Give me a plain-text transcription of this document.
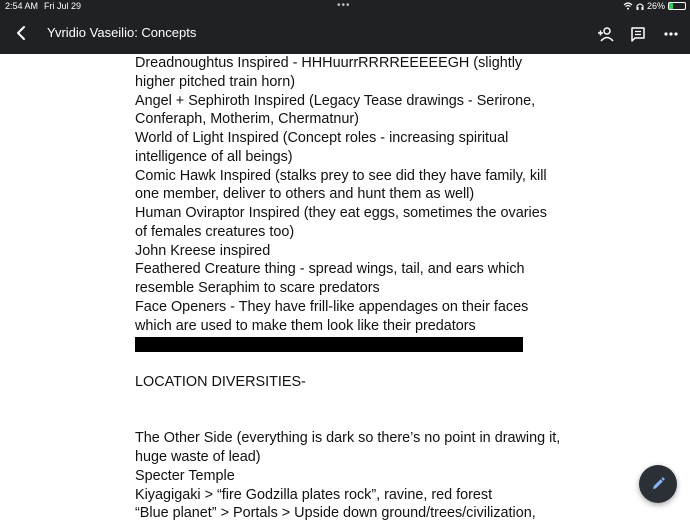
2:54 AM Fri Jul 29	•••	26%
Yvridio Vaseilio: Concepts
Dreadnoughtus Inspired - HHHuurrRRRREEEEEGH (slightly
higher pitched train horn)
Angel + Sephiroth Inspired (Legacy Tease drawings - Serirone,
Conferaph, Motherim, Chermatnur)
World of Light Inspired (Concept roles - increasing spiritual
intelligence of all beings)
Comic Hawk Inspired (stalks prey to see did they have family, kill
one member, deliver to others and hunt them as well)
Human Oviraptor Inspired (they eat eggs, sometimes the ovaries
of females creatures too)
John Kreese inspired
Feathered Creature thing - spread wings, tail, and ears which
resemble Seraphim to scare predators
Face Openers - They have frill-like appendages on their faces
which are used to make them look like their predators
LOCATION DIVERSITIES-
The Other Side (everything is dark so there’s no point in drawing it,
huge waste of lead)
Specter Temple
Kiyagigaki > “fire Godzilla plates rock”, ravine, red forest
“Blue planet” > Portals > Upside down ground/trees/civilization,
